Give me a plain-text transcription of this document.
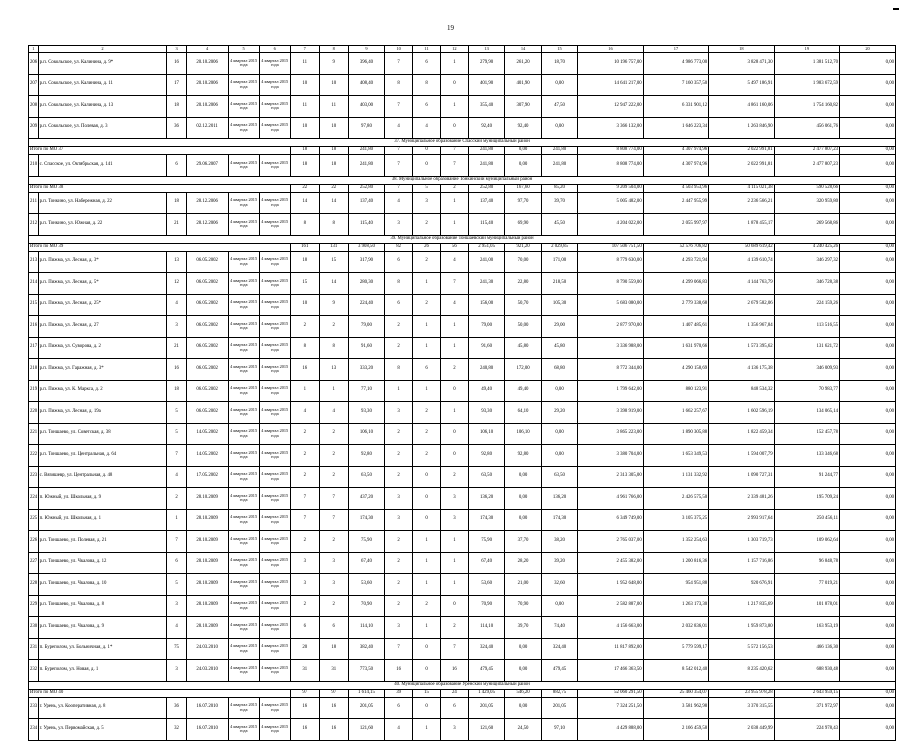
19
1	2	3	4	5	6	7	8	9	10	11	12	13	14	15	16	17	18	19	20
206	р.п. Сокольское, ул. Калинина, д. 9*	16	20.10.2006	4 квартал 2015 года	4 квартал 2015 года	11	9	396,40	7	6	1	279,90	261,20	18,70	10 196 757,00	4 986 773,00	3 828 471,30	1 381 512,70	0,00
207	р.п. Сокольское, ул. Калинина, д. 11	17	20.10.2006	4 квартал 2015 года	4 квартал 2015 года	10	10	408,40	8	8	0	401,90	401,90	0,00	14 641 217,00	7 160 357,50	5 497 186,91	1 983 672,59	0,00
208	р.п. Сокольское, ул. Калинина, д. 13	18	20.10.2006	4 квартал 2015 года	4 квартал 2015 года	11	11	403,00	7	6	1	355,40	307,90	47,50	12 947 222,00	6 331 901,12	4 861 160,06	1 754 160,82	0,00
209	р.п. Сокольское, ул. Полевая, д. 3	36	02.12.2011	4 квартал 2015 года	4 квартал 2015 года	10	10	97,80	4	4	0	92,40	92,40	0,00	3 366 132,00	1 646 223,34	1 263 846,90	456 061,76	0,00
37. Муниципальное образование Спасский муниципальный район																			
Итого по МО 37						18	18	241,80	7	0	7	241,80	0,00	241,80	8 808 774,00	4 307 974,96	2 022 991,81	2 477 807,23	0,00
210	с. Спасское, ул. Октябрьская, д. 141	6	29.06.2007	4 квартал 2015 года	4 квартал 2015 года	18	18	241,80	7	0	7	241,80	0,00	241,80	8 808 774,00	4 307 974,96	2 022 991,81	2 477 807,23	0,00
38. Муниципальное образование Тонкинский муниципальный район																			
Итого по МО 38						22	22	252,80	7	5	2	252,80	167,60	85,20	9 209 504,00	4 503 953,96	4 115 021,38	590 528,66	0,00
211	р.п. Тонкино, ул. Набережная, д. 22	18	28.12.2006	4 квартал 2015 года	4 квартал 2015 года	14	14	137,40	4	3	1	137,40	97,70	39,70	5 005 482,00	2 447 955,99	2 236 566,21	320 959,80	0,00
212	р.п. Тонкино, ул. Южная, д. 22	21	28.12.2006	4 квартал 2015 года	4 квартал 2015 года	8	8	115,40	3	2	1	115,40	69,90	45,50	4 204 022,00	2 055 997,97	1 878 455,17	269 568,86	0,00
39. Муниципальное образование Тоншаевский муниципальный район																			
Итого по МО 39						161	131	3 908,50	82	26	56	2 951,05	921,20	2 029,85	107 506 751,50	52 576 706,82	50 689 619,42	4 240 425,26	0,00
213	р.п. Пижма, ул. Лесная, д. 3*	13	06.05.2002	4 квартал 2015 года	4 квартал 2015 года	18	15	317,90	6	2	4	241,00	70,00	171,00	8 779 630,00	4 293 721,94	4 139 610,74	346 297,32	0,00
214	р.п. Пижма, ул. Лесная, д. 5*	12	06.05.2002	4 квартал 2015 года	4 квартал 2015 года	15	14	280,30	8	1	7	241,30	22,80	218,50	8 790 559,00	4 299 066,83	4 144 763,79	346 728,38	0,00
215	р.п. Пижма, ул. Лесная, д. 25*	4	06.05.2002	4 квартал 2015 года	4 квартал 2015 года	10	9	224,40	6	2	4	156,00	50,70	105,30	5 683 080,00	2 779 338,68	2 679 582,06	224 159,26	0,00
216	р.п. Пижма, ул. Лесная, д. 27	3	06.05.2002	4 квартал 2015 года	4 квартал 2015 года	2	2	79,00	2	1	1	79,00	50,00	29,00	2 877 970,00	1 407 485,61	1 356 967,84	113 516,55	0,00
217	р.п. Пижма, ул. Суворова, д. 2	21	06.05.2002	4 квартал 2015 года	4 квартал 2015 года	8	8	91,60	2	1	1	91,60	45,80	45,80	3 336 988,00	1 631 970,66	1 573 395,62	131 621,72	0,00
218	р.п. Пижма, ул. Гаражная, д. 3*	16	06.05.2002	4 квартал 2015 года	4 квартал 2015 года	16	13	333,20	8	6	2	240,80	172,00	68,80	8 772 344,00	4 290 158,69	4 136 175,38	346 009,93	0,00
219	р.п. Пижма, ул. К. Маркса, д. 2	18	06.05.2002	4 квартал 2015 года	4 квартал 2015 года	1	1	77,10	1	1	0	49,40	49,40	0,00	1 799 642,00	880 123,91	848 534,32	70 983,77	0,00
220	р.п. Пижма, ул. Лесная, д. 19а	5	06.05.2002	4 квартал 2015 года	4 квартал 2015 года	4	4	93,30	3	2	1	93,30	64,10	29,20	3 398 919,00	1 662 257,67	1 602 596,19	134 065,14	0,00
221	р.п. Тоншаево, ул. Советская, д. 38	5	14.05.2002	4 квартал 2015 года	4 квартал 2015 года	2	2	106,10	2	2	0	106,10	106,10	0,00	3 865 223,00	1 890 305,88	1 822 459,34	152 457,78	0,00
222	р.п. Тоншаево, ул. Центральная, д. 64	7	14.05.2002	4 квартал 2015 года	4 квартал 2015 года	2	2	92,80	2	2	0	92,80	92,80	0,00	3 380 704,00	1 653 349,53	1 594 007,79	133 346,68	0,00
223	с. Вязишевр, ул. Центральная, д. 48	4	17.05.2002	4 квартал 2015 года	4 квартал 2015 года	2	2	63,50	2	0	2	63,50	0,00	63,50	2 313 305,00	1 131 332,92	1 090 727,31	91 244,77	0,00
224	п. Южный, ул. Школьная, д. 9	2	28.10.2009	4 квартал 2015 года	4 квартал 2015 года	7	7	437,20	3	0	3	136,20	0,00	136,20	4 961 766,00	2 426 575,50	2 339 481,26	195 709,24	0,00
225	п. Южный, ул. Школьная, д. 1	1	28.10.2009	4 квартал 2015 года	4 квартал 2015 года	7	7	174,30	3	0	3	174,30	0,00	174,30	6 349 749,00	3 105 375,25	2 993 917,64	250 456,11	0,00
226	р.п. Тоншаево, ул. Полевая, д. 21	7	28.10.2009	4 квартал 2015 года	4 квартал 2015 года	2	2	75,90	2	1	1	75,90	37,70	38,20	2 765 037,00	1 352 254,63	1 303 719,73	109 062,64	0,00
227	р.п. Тоншаево, ул. Чкалова, д. 12	6	28.10.2009	4 квартал 2015 года	4 квартал 2015 года	3	3	67,40	2	1	1	67,40	28,20	39,20	2 455 382,00	1 200 816,36	1 157 716,86	96 848,78	0,00
228	р.п. Тоншаево, ул. Чкалова, д. 10	5	28.10.2009	4 квартал 2015 года	4 квартал 2015 года	3	3	53,60	2	1	1	53,60	21,00	32,60	1 952 648,00	954 951,88	920 676,91	77 019,21	0,00
229	р.п. Тоншаево, ул. Чкалова, д. 8	3	28.10.2009	4 квартал 2015 года	4 квартал 2015 года	2	2	70,90	2	2	0	70,90	70,90	0,00	2 582 887,00	1 263 173,30	1 217 835,69	101 878,01	0,00
230	р.п. Тоншаево, ул. Чкалова, д. 9	4	28.10.2009	4 квартал 2015 года	4 квартал 2015 года	6	6	114,10	3	1	2	114,10	39,70	74,40	4 156 663,00	2 032 836,01	1 959 873,80	163 953,19	0,00
231	п. Буреполом, ул. Больничная, д. 1*	75	24.03.2010	4 квартал 2015 года	4 квартал 2015 года	20	18	382,40	7	0	7	324,40	0,00	324,40	11 817 892,00	5 779 599,17	5 572 156,53	466 136,30	0,00
232	п. Буреполом, ул. Новая, д. 1	3	24.03.2010	4 квартал 2015 года	4 квартал 2015 года	31	31	773,50	16	0	16	479,45	0,00	479,45	17 466 363,50	8 542 012,40	8 235 420,62	688 930,48	0,00
40. Муниципальное образование Уренский муниципальный район																			
Итого по МО 40						97	97	1 614,15	39	15	24	1 429,05	546,20	882,75	52 060 291,50	25 460 354,07	23 955 978,28	2 643 959,15	0,00
233	г. Урень, ул. Кооперативная, д. 8	36	16.07.2010	4 квартал 2015 года	4 квартал 2015 года	16	16	201,05	6	0	6	201,05	0,00	201,05	7 324 251,50	3 581 962,98	3 370 315,55	371 972,97	0,00
234	г. Урень, ул. Первомайская, д. 5	32	16.07.2010	4 квартал 2015 года	4 квартал 2015 года	16	16	121,60	4	1	3	121,60	24,50	97,10	4 429 888,00	2 166 459,58	2 038 449,99	224 978,43	0,00
